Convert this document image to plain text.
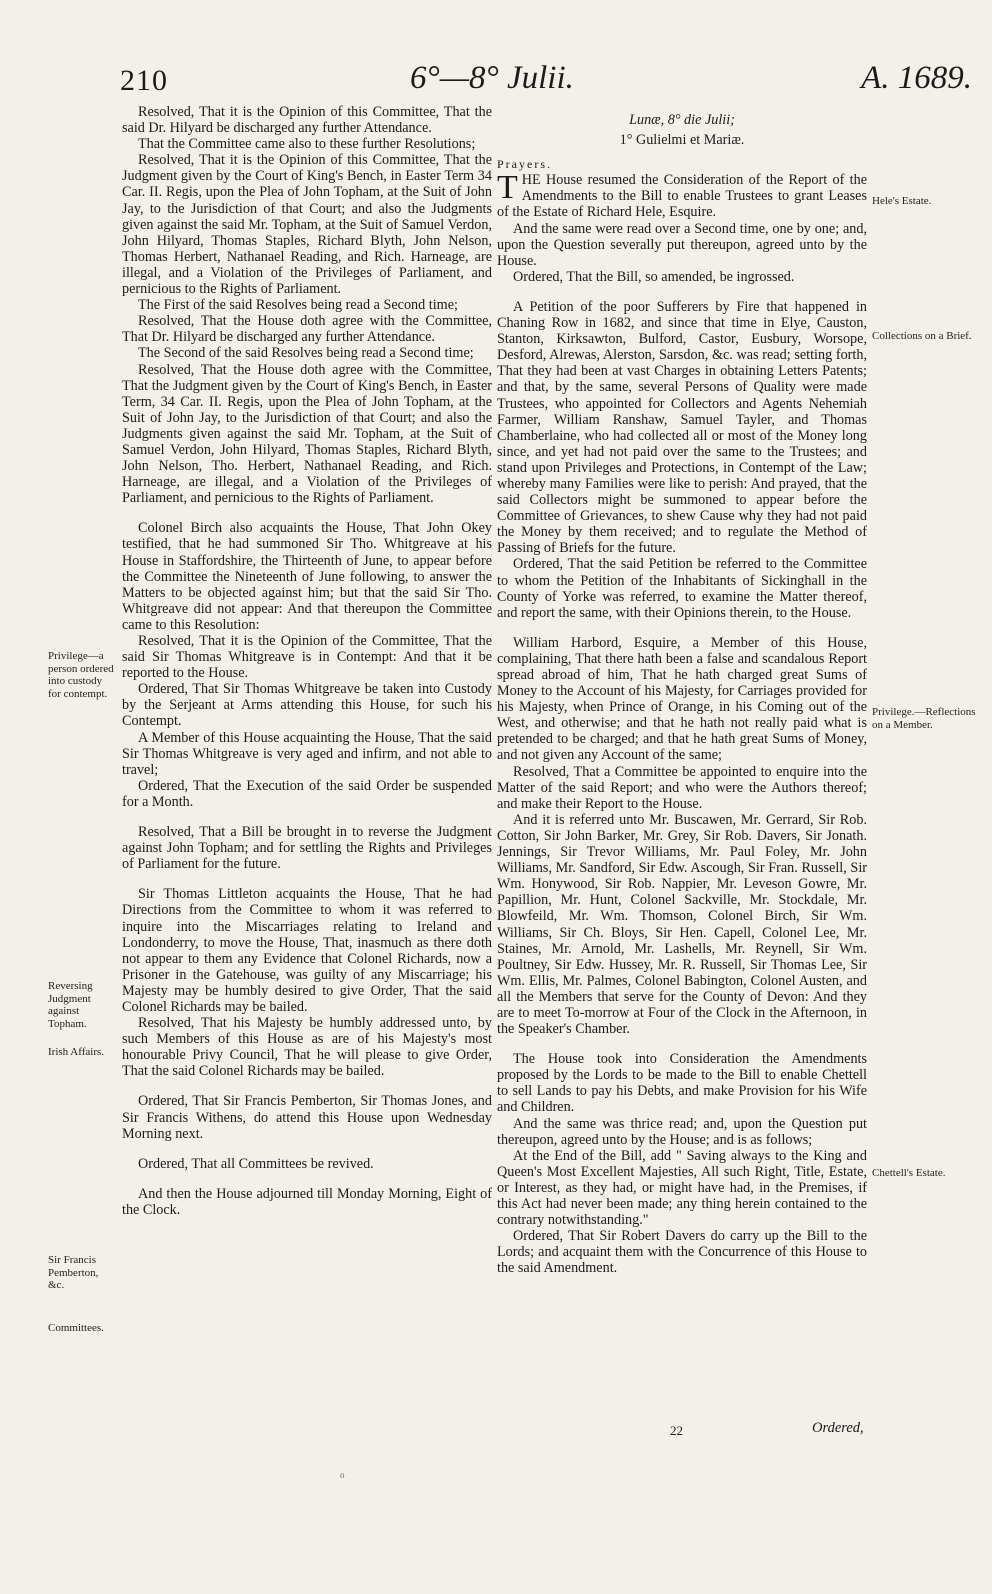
210	6°—8° Julii.	A. 1689.
Privilege—a person ordered into custody for contempt.
Reversing Judgment against Topham.
Irish Affairs.
Sir Francis Pemberton, &c.
Committees.
Hele's Estate.
Collections on a Brief.
Privilege.—Reflections on a Member.
Chettell's Estate.

Resolved, That it is the Opinion of this Committee, That the said Dr. Hilyard be discharged any further Attendance.

That the Committee came also to these further Resolutions;

Resolved, That it is the Opinion of this Committee, That the Judgment given by the Court of King's Bench, in Easter Term 34 Car. II. Regis, upon the Plea of John Topham, at the Suit of John Jay, to the Jurisdiction of that Court; and also the Judgments given against the said Mr. Topham, at the Suit of Samuel Verdon, John Hilyard, Thomas Staples, Richard Blyth, John Nelson, Thomas Herbert, Nathanael Reading, and Rich. Harneage, are illegal, and a Violation of the Privileges of Parliament, and pernicious to the Rights of Parliament.

The First of the said Resolves being read a Second time;

Resolved, That the House doth agree with the Committee, That Dr. Hilyard be discharged any further Attendance.

The Second of the said Resolves being read a Second time;

Resolved, That the House doth agree with the Committee, That the Judgment given by the Court of King's Bench, in Easter Term, 34 Car. II. Regis, upon the Plea of John Topham, at the Suit of John Jay, to the Jurisdiction of that Court; and also the Judgments given against the said Mr. Topham, at the Suit of Samuel Verdon, John Hilyard, Thomas Staples, Richard Blyth, John Nelson, Tho. Herbert, Nathanael Reading, and Rich. Harneage, are illegal, and a Violation of the Privileges of Parliament, and pernicious to the Rights of Parliament.

Colonel Birch also acquaints the House, That John Okey testified, that he had summoned Sir Tho. Whitgreave at his House in Staffordshire, the Thirteenth of June, to appear before the Committee the Nineteenth of June following, to answer the Matters to be objected against him; but that the said Sir Tho. Whitgreave did not appear: And that thereupon the Committee came to this Resolution:

Resolved, That it is the Opinion of the Committee, That the said Sir Thomas Whitgreave is in Contempt: And that it be reported to the House.

Ordered, That Sir Thomas Whitgreave be taken into Custody by the Serjeant at Arms attending this House, for such his Contempt.

A Member of this House acquainting the House, That the said Sir Thomas Whitgreave is very aged and infirm, and not able to travel;

Ordered, That the Execution of the said Order be suspended for a Month.

Resolved, That a Bill be brought in to reverse the Judgment against John Topham; and for settling the Rights and Privileges of Parliament for the future.

Sir Thomas Littleton acquaints the House, That he had Directions from the Committee to whom it was referred to inquire into the Miscarriages relating to Ireland and Londonderry, to move the House, That, inasmuch as there doth not appear to them any Evidence that Colonel Richards, now a Prisoner in the Gatehouse, was guilty of any Miscarriage; his Majesty may be humbly desired to give Order, That the said Colonel Richards may be bailed.

Resolved, That his Majesty be humbly addressed unto, by such Members of this House as are of his Majesty's most honourable Privy Council, That he will please to give Order, That the said Colonel Richards may be bailed.

Ordered, That Sir Francis Pemberton, Sir Thomas Jones, and Sir Francis Withens, do attend this House upon Wednesday Morning next.

Ordered, That all Committees be revived.

And then the House adjourned till Monday Morning, Eight of the Clock.

Lunæ, 8° die Julii;

1° Gulielmi et Mariæ.

Prayers.

THE House resumed the Consideration of the Report of the Amendments to the Bill to enable Trustees to grant Leases of the Estate of Richard Hele, Esquire.

And the same were read over a Second time, one by one; and, upon the Question severally put thereupon, agreed unto by the House.

Ordered, That the Bill, so amended, be ingrossed.

A Petition of the poor Sufferers by Fire that happened in Chaning Row in 1682, and since that time in Elye, Causton, Stanton, Kirksawton, Bulford, Castor, Eusbury, Worsope, Desford, Alrewas, Alerston, Sarsdon, &c. was read; setting forth, That they had been at vast Charges in obtaining Letters Patents; and that, by the same, several Persons of Quality were made Trustees, who appointed for Collectors and Agents Nehemiah Farmer, William Ranshaw, Samuel Tayler, and Thomas Chamberlaine, who had collected all or most of the Money long since, and yet had not paid over the same to the Trustees; and stand upon Privileges and Protections, in Contempt of the Law; whereby many Families were like to perish: And prayed, that the said Collectors might be summoned to appear before the Committee of Grievances, to shew Cause why they had not paid the Money by them received; and to regulate the Method of Passing of Briefs for the future.

Ordered, That the said Petition be referred to the Committee to whom the Petition of the Inhabitants of Sickinghall in the County of Yorke was referred, to examine the Matter thereof, and report the same, with their Opinions therein, to the House.

William Harbord, Esquire, a Member of this House, complaining, That there hath been a false and scandalous Report spread abroad of him, That he hath charged great Sums of Money to the Account of his Majesty, for Carriages provided for his Majesty, when Prince of Orange, in his Coming out of the West, and otherwise; and that he hath not really paid what is pretended to be charged; and that he hath great Sums of Money, and not given any Account of the same;

Resolved, That a Committee be appointed to enquire into the Matter of the said Report; and who were the Authors thereof; and make their Report to the House.

And it is referred unto Mr. Buscawen, Mr. Gerrard, Sir Rob. Cotton, Sir John Barker, Mr. Grey, Sir Rob. Davers, Sir Jonath. Jennings, Sir Trevor Williams, Mr. Paul Foley, Mr. John Williams, Mr. Sandford, Sir Edw. Ascough, Sir Fran. Russell, Sir Wm. Honywood, Sir Rob. Nappier, Mr. Leveson Gowre, Mr. Papillion, Mr. Hunt, Colonel Sackville, Mr. Stockdale, Mr. Blowfeild, Mr. Wm. Thomson, Colonel Birch, Sir Wm. Williams, Sir Ch. Bloys, Sir Hen. Capell, Colonel Lee, Mr. Staines, Mr. Arnold, Mr. Lashells, Mr. Reynell, Sir Wm. Poultney, Sir Edw. Hussey, Mr. R. Russell, Sir Thomas Lee, Sir Wm. Ellis, Mr. Palmes, Colonel Babington, Colonel Austen, and all the Members that serve for the County of Devon: And they are to meet To-morrow at Four of the Clock in the Afternoon, in the Speaker's Chamber.

The House took into Consideration the Amendments proposed by the Lords to be made to the Bill to enable Chettell to sell Lands to pay his Debts, and make Provision for his Wife and Children.

And the same was thrice read; and, upon the Question put thereupon, agreed unto by the House; and is as follows;

At the End of the Bill, add " Saving always to the King and Queen's Most Excellent Majesties, All such Right, Title, Estate, or Interest, as they had, or might have had, in the Premises, if this Act had never been made; any thing herein contained to the contrary notwithstanding."

Ordered, That Sir Robert Davers do carry up the Bill to the Lords; and acquaint them with the Concurrence of this House to the said Amendment.

22	Ordered,
o
